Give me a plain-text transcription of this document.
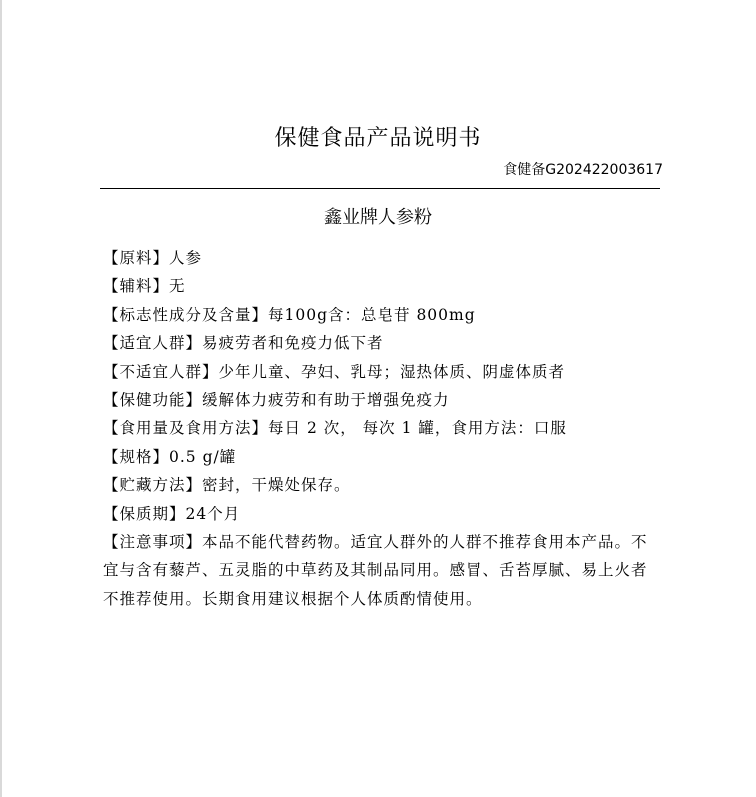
保健食品产品说明书
食健备G202422003617
鑫业牌人参粉
【原料】人参
【辅料】无
【标志性成分及含量】每100g含：总皂苷 800mg
【适宜人群】易疲劳者和免疫力低下者
【不适宜人群】少年儿童、孕妇、乳母；湿热体质、阴虚体质者
【保健功能】缓解体力疲劳和有助于增强免疫力
【食用量及食用方法】每日 2 次， 每次 1 罐，食用方法：口服
【规格】0.5 g/罐
【贮藏方法】密封，干燥处保存。
【保质期】24个月
【注意事项】本品不能代替药物。适宜人群外的人群不推荐食用本产品。不宜与含有藜芦、五灵脂的中草药及其制品同用。感冒、舌苔厚腻、易上火者不推荐使用。长期食用建议根据个人体质酌情使用。
